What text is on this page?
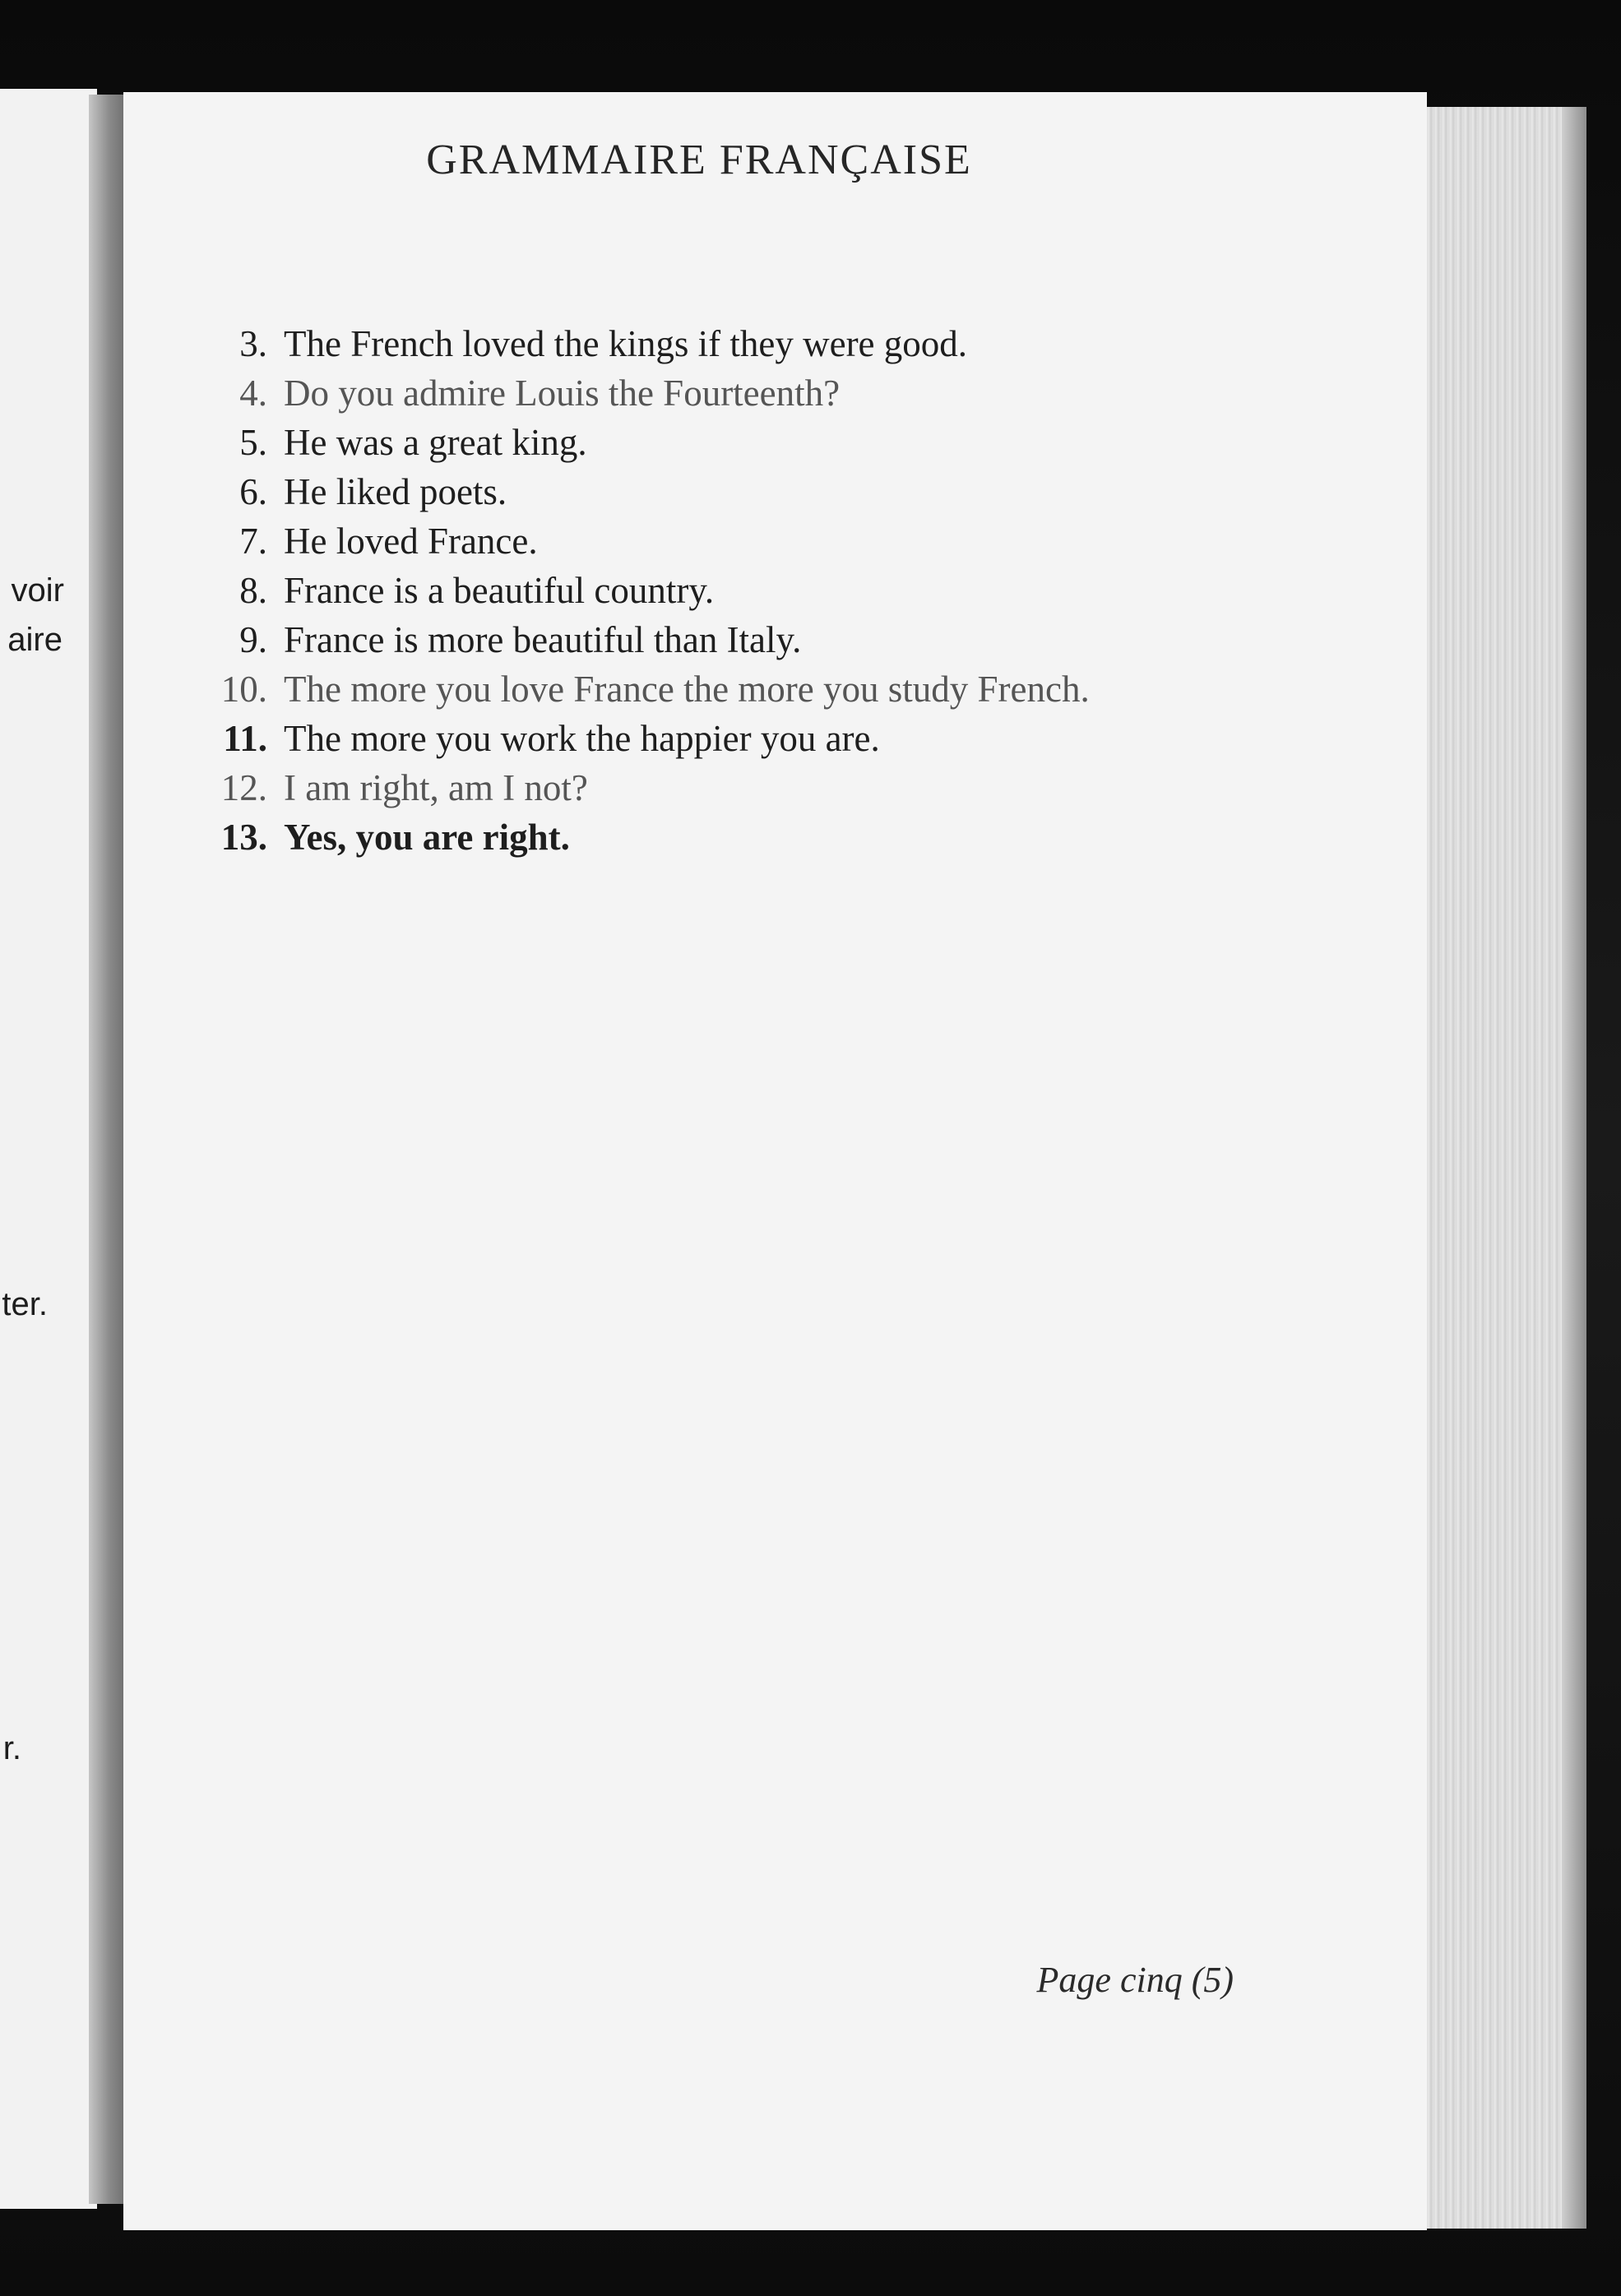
voir
aire
ter.
r.
GRAMMAIRE FRANÇAISE
3. The French loved the kings if they were good.
4. Do you admire Louis the Fourteenth?
5. He was a great king.
6. He liked poets.
7. He loved France.
8. France is a beautiful country.
9. France is more beautiful than Italy.
10. The more you love France the more you study French.
11. The more you work the happier you are.
12. I am right, am I not?
13. Yes, you are right.
Page cinq (5)
